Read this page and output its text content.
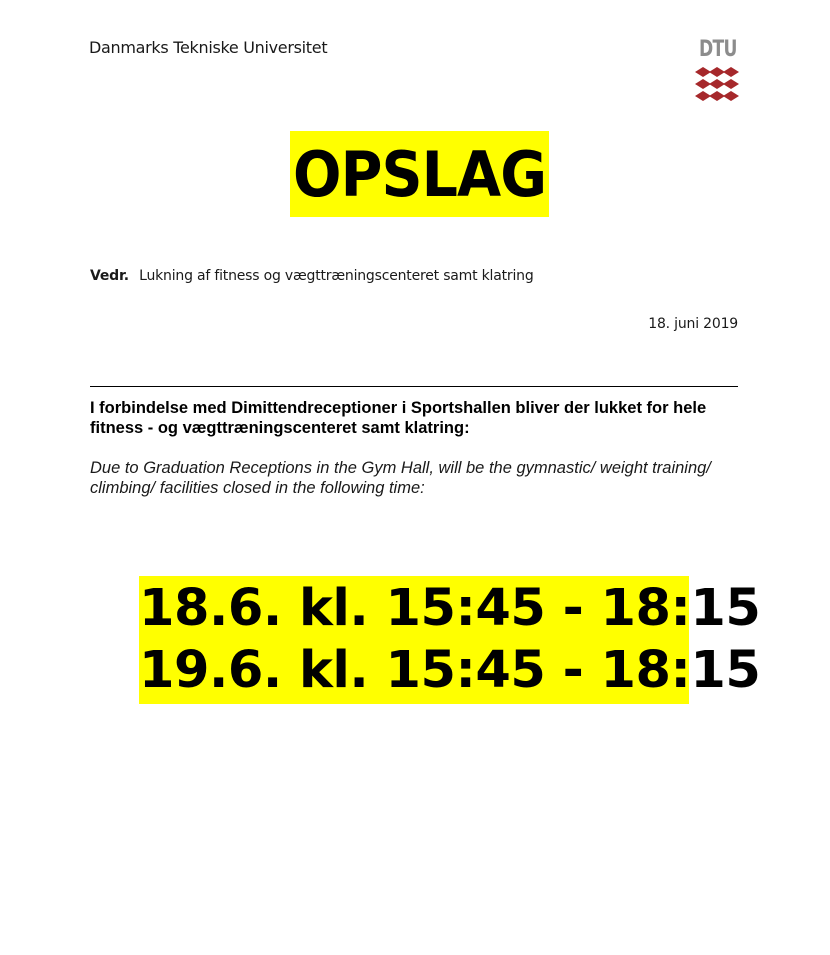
Danmarks Tekniske Universitet	DTU
OPSLAG
Vedr. Lukning af fitness og vægttræningscenteret samt klatring
18. juni 2019
I forbindelse med Dimittendreceptioner i Sportshallen bliver der lukket for hele fitness - og vægttræningscenteret samt klatring:
Due to Graduation Receptions in the Gym Hall, will be the gymnastic/ weight training/ climbing/ facilities closed in the following time:
18.6. kl. 15:45 - 18:15
19.6. kl. 15:45 - 18:15
